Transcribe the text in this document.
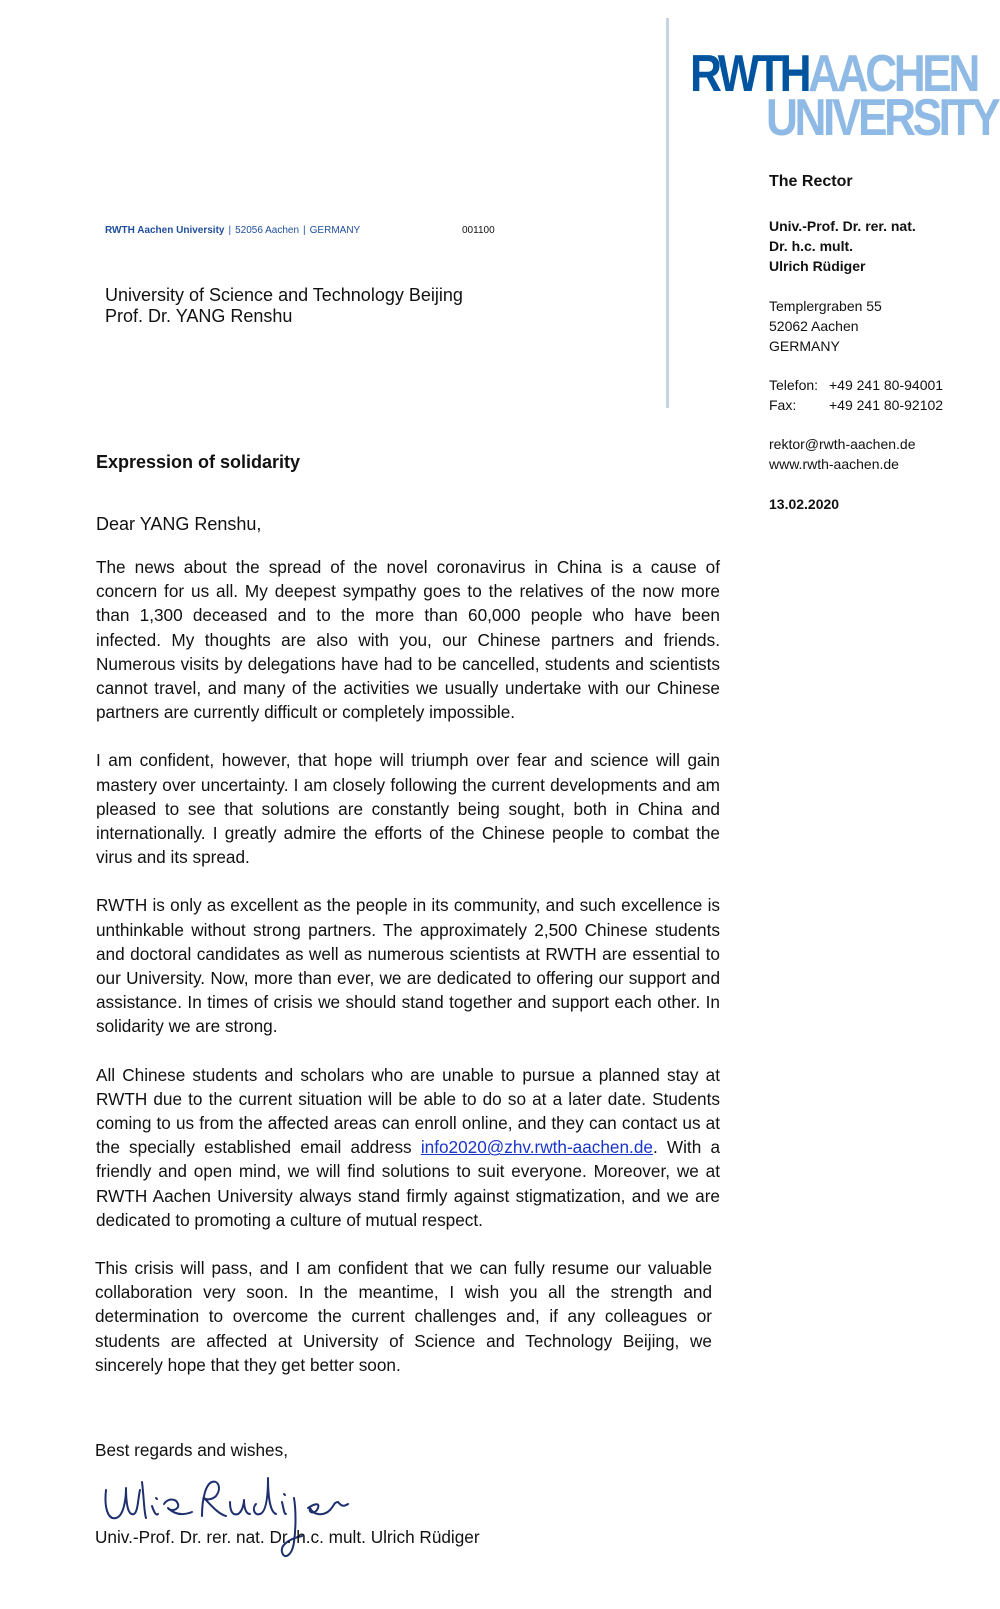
RWTHAACHEN
UNIVERSITY
The Rector
Univ.-Prof. Dr. rer. nat.
Dr. h.c. mult.
Ulrich Rüdiger
Templergraben 55
52062 Aachen
GERMANY
Telefon: +49 241 80-94001
Fax: +49 241 80-92102
rektor@rwth-aachen.de
www.rwth-aachen.de
13.02.2020
RWTH Aachen University | 52056 Aachen | GERMANY	001100
University of Science and Technology Beijing
Prof. Dr. YANG Renshu
Expression of solidarity
Dear YANG Renshu,

The news about the spread of the novel coronavirus in China is a cause of concern for us all. My deepest sympathy goes to the relatives of the now more than 1,300 deceased and to the more than 60,000 people who have been infected. My thoughts are also with you, our Chinese partners and friends. Numerous visits by delegations have had to be cancelled, students and scientists cannot travel, and many of the activities we usually undertake with our Chinese partners are currently difficult or completely impossible.

I am confident, however, that hope will triumph over fear and science will gain mastery over uncertainty. I am closely following the current developments and am pleased to see that solutions are constantly being sought, both in China and internationally. I greatly admire the efforts of the Chinese people to combat the virus and its spread.

RWTH is only as excellent as the people in its community, and such excellence is unthinkable without strong partners. The approximately 2,500 Chinese students and doctoral candidates as well as numerous scientists at RWTH are essential to our University. Now, more than ever, we are dedicated to offering our support and assistance. In times of crisis we should stand together and support each other. In solidarity we are strong.

All Chinese students and scholars who are unable to pursue a planned stay at RWTH due to the current situation will be able to do so at a later date. Students coming to us from the affected areas can enroll online, and they can contact us at the specially established email address info2020@zhv.rwth-aachen.de. With a friendly and open mind, we will find solutions to suit everyone. Moreover, we at RWTH Aachen University always stand firmly against stigmatization, and we are dedicated to promoting a culture of mutual respect.

This crisis will pass, and I am confident that we can fully resume our valuable collaboration very soon. In the meantime, I wish you all the strength and determination to overcome the current challenges and, if any colleagues or students are affected at University of Science and Technology Beijing, we sincerely hope that they get better soon.

Best regards and wishes,
Univ.-Prof. Dr. rer. nat. Dr. h.c. mult. Ulrich Rüdiger
